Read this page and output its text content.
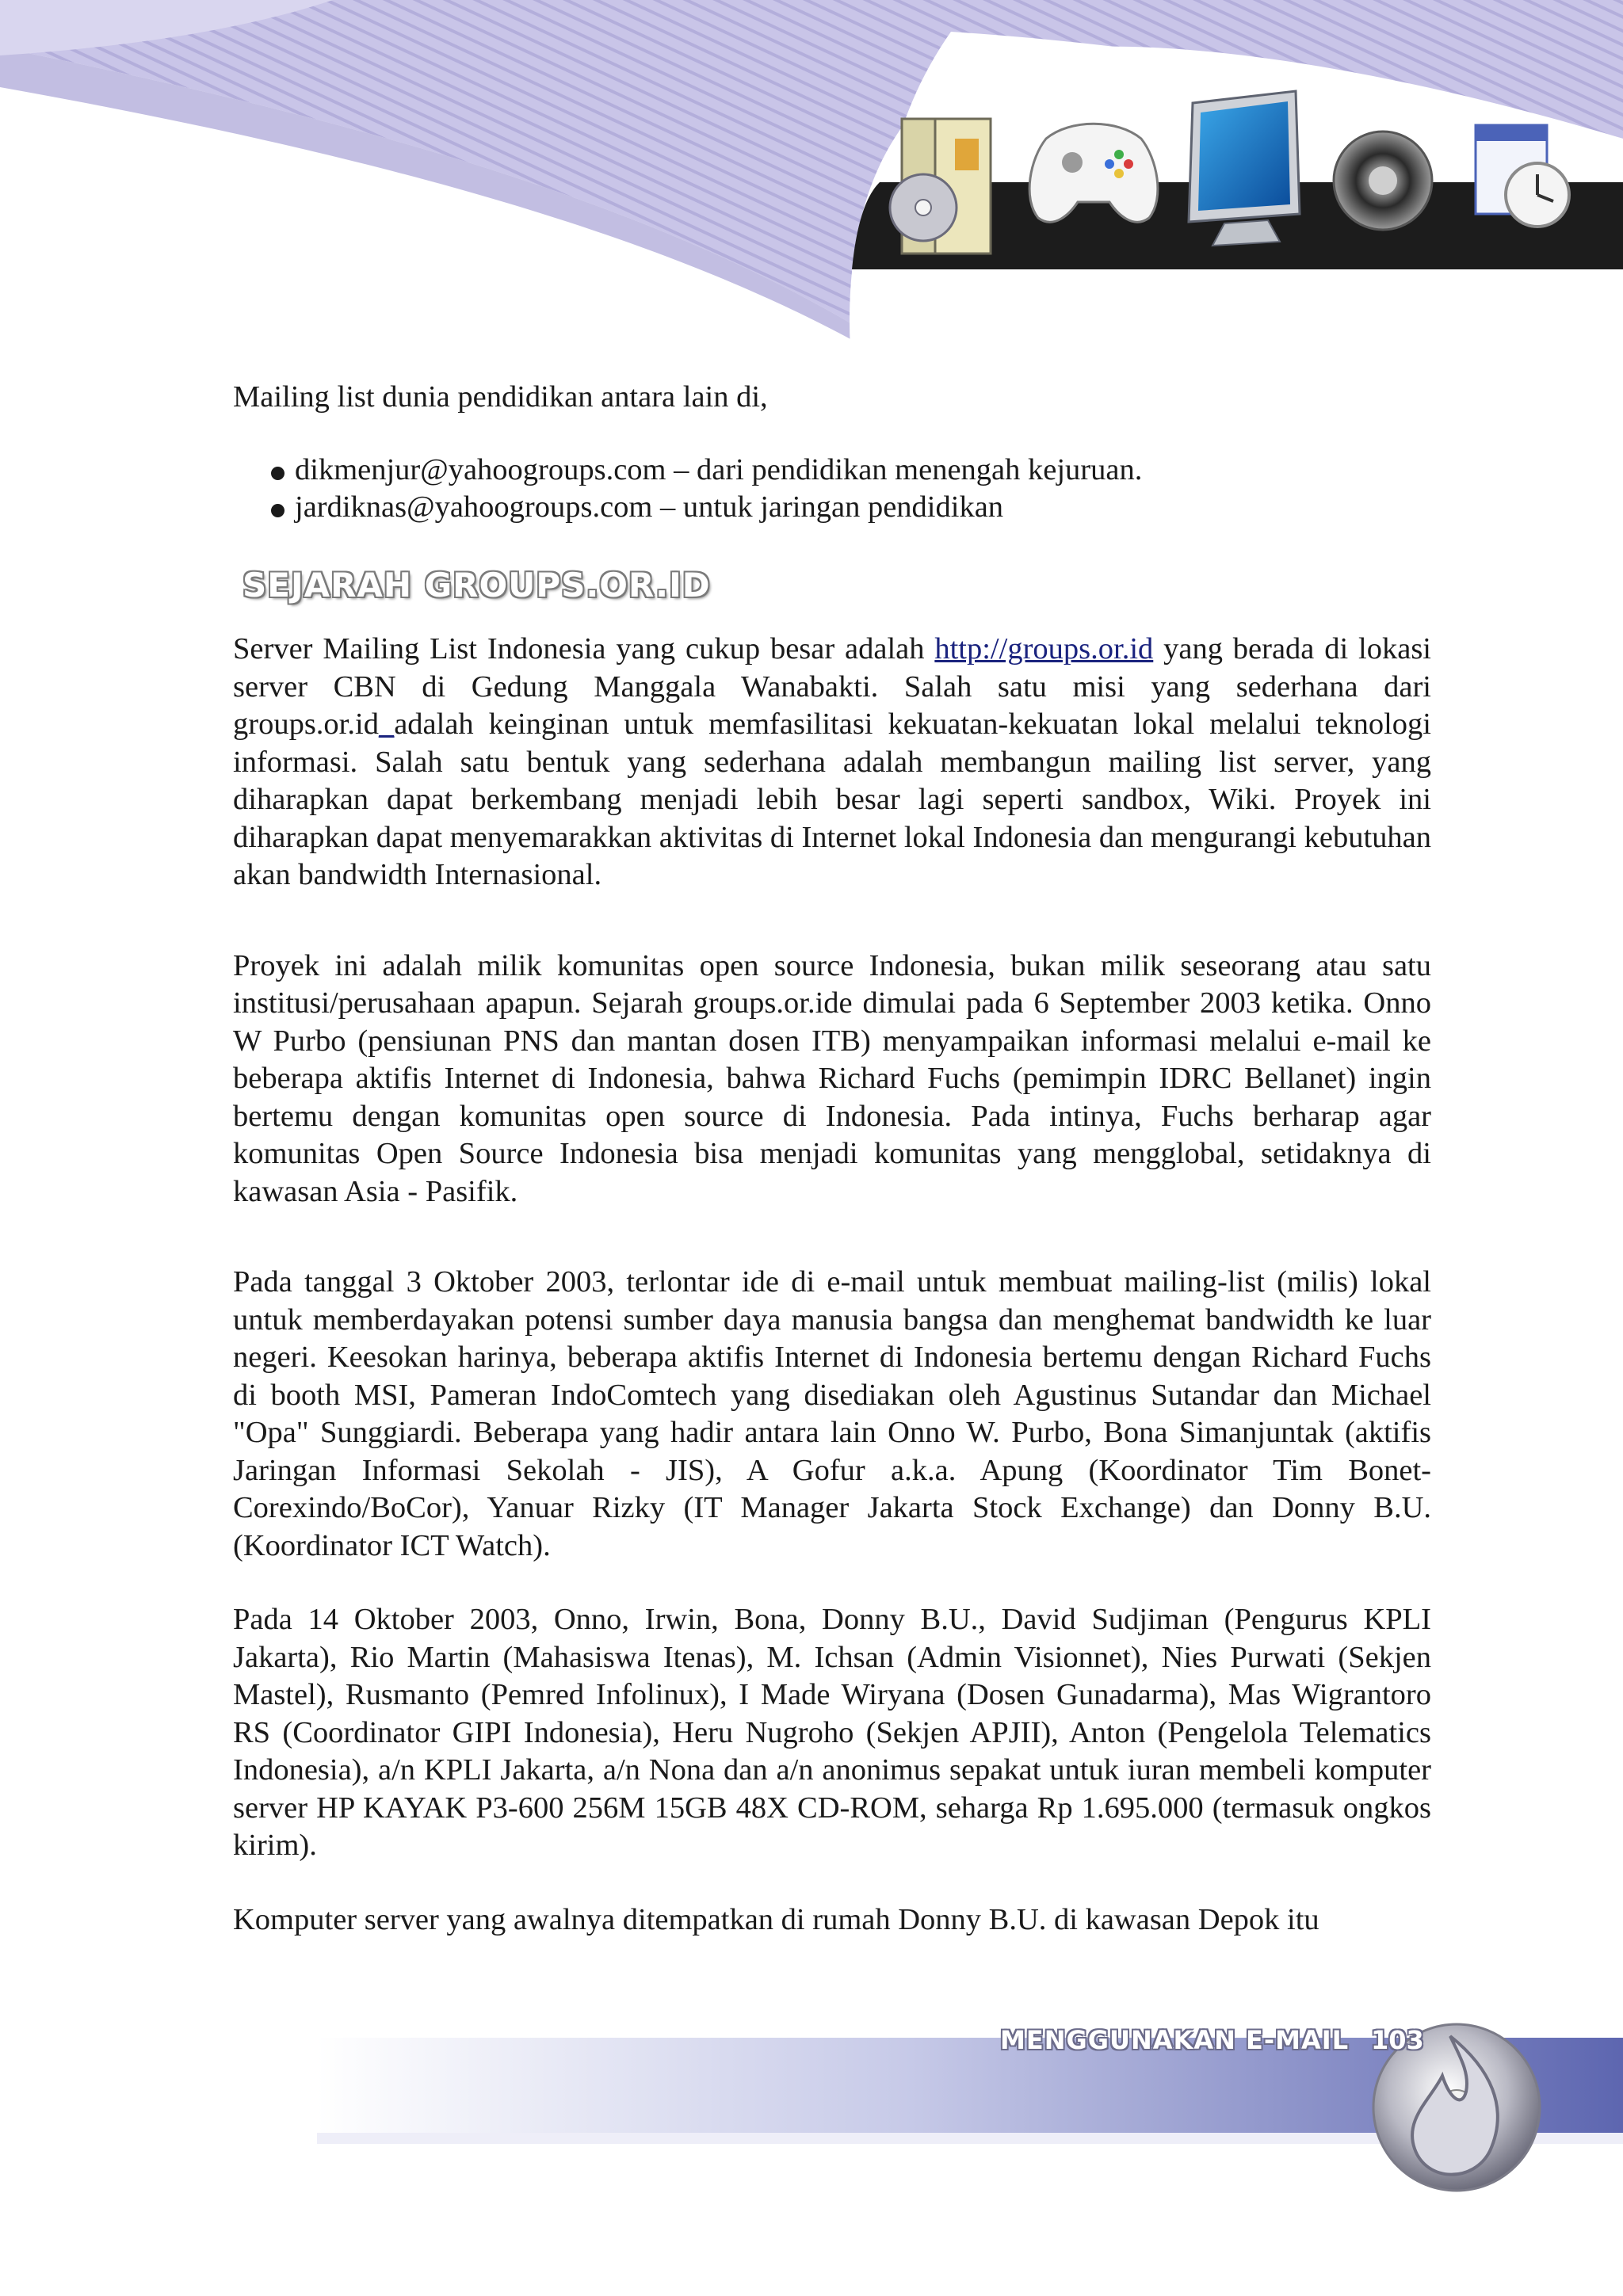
Mailing list dunia pendidikan antara lain di,

dikmenjur@yahoogroups.com – dari pendidikan menengah kejuruan.
jardiknas@yahoogroups.com – untuk jaringan pendidikan
SEJARAH GROUPS.OR.ID

Server Mailing List Indonesia yang cukup besar adalah http://groups.or.id yang berada di lokasi server CBN di Gedung Manggala Wanabakti. Salah satu misi yang sederhana dari groups.or.id_adalah keinginan untuk memfasilitasi kekuatan-kekuatan lokal melalui teknologi informasi. Salah satu bentuk yang sederhana adalah membangun mailing list server, yang diharapkan dapat berkembang menjadi lebih besar lagi seperti sandbox, Wiki. Proyek ini diharapkan dapat menyemarakkan aktivitas di Internet lokal Indonesia dan mengurangi kebutuhan akan bandwidth Internasional.

Proyek ini adalah milik komunitas open source Indonesia, bukan milik seseorang atau satu institusi/perusahaan apapun. Sejarah groups.or.ide dimulai pada 6 September 2003 ketika. Onno W Purbo (pensiunan PNS dan mantan dosen ITB) menyampaikan informasi melalui e-mail ke beberapa aktifis Internet di Indonesia, bahwa Richard Fuchs (pemimpin IDRC Bellanet) ingin bertemu dengan komunitas open source di Indonesia. Pada intinya, Fuchs berharap agar komunitas Open Source Indonesia bisa menjadi komunitas yang mengglobal, setidaknya di kawasan Asia - Pasifik.

Pada tanggal 3 Oktober 2003, terlontar ide di e-mail untuk membuat mailing-list (milis) lokal untuk memberdayakan potensi sumber daya manusia bangsa dan menghemat bandwidth ke luar negeri. Keesokan harinya, beberapa aktifis Internet di Indonesia bertemu dengan Richard Fuchs di booth MSI, Pameran IndoComtech yang disediakan oleh Agustinus Sutandar dan Michael "Opa" Sunggiardi. Beberapa yang hadir antara lain Onno W. Purbo, Bona Simanjuntak (aktifis Jaringan Informasi Sekolah - JIS), A Gofur a.k.a. Apung (Koordinator Tim Bonet-Corexindo/BoCor), Yanuar Rizky (IT Manager Jakarta Stock Exchange) dan Donny B.U. (Koordinator ICT Watch).

Pada 14 Oktober 2003, Onno, Irwin, Bona, Donny B.U., David Sudjiman (Pengurus KPLI Jakarta), Rio Martin (Mahasiswa Itenas), M. Ichsan (Admin Visionnet), Nies Purwati (Sekjen Mastel), Rusmanto (Pemred Infolinux), I Made Wiryana (Dosen Gunadarma), Mas Wigrantoro RS (Coordinator GIPI Indonesia), Heru Nugroho (Sekjen APJII), Anton (Pengelola Telematics Indonesia), a/n KPLI Jakarta, a/n Nona dan a/n anonimus sepakat untuk iuran membeli komputer server HP KAYAK P3-600 256M 15GB 48X CD-ROM, seharga Rp 1.695.000 (termasuk ongkos kirim).

Komputer server yang awalnya ditempatkan di rumah Donny B.U. di kawasan Depok itu

MENGGUNAKAN E-MAIL 103
